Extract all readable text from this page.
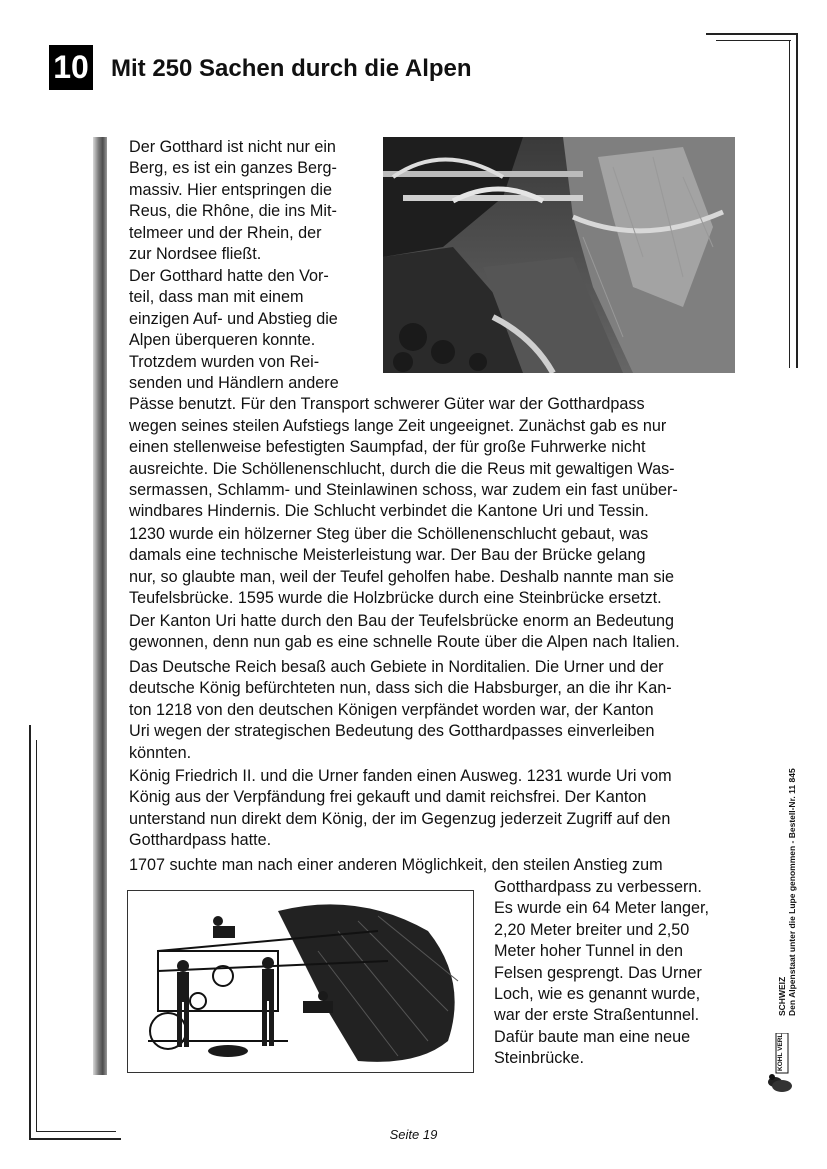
10 Mit 250 Sachen durch die Alpen
Der Gotthard ist nicht nur ein
Berg, es ist ein ganzes Berg-
massiv. Hier entspringen die
Reus, die Rhône, die ins Mit-
telmeer und der Rhein, der
zur Nordsee fließt.
Der Gotthard hatte den Vor-
teil, dass man mit einem
einzigen Auf- und Abstieg die
Alpen überqueren konnte.
Trotzdem wurden von Rei-
senden und Händlern andere
Pässe benutzt. Für den Transport schwerer Güter war der Gotthardpass
wegen seines steilen Aufstiegs lange Zeit ungeeignet. Zunächst gab es nur
einen stellenweise befestigten Saumpfad, der für große Fuhrwerke nicht
ausreichte. Die Schöllenenschlucht, durch die die Reus mit gewaltigen Was-
sermassen, Schlamm- und Steinlawinen schoss, war zudem ein fast unüber-
windbares Hindernis. Die Schlucht verbindet die Kantone Uri und Tessin.
1230 wurde ein hölzerner Steg über die Schöllenenschlucht gebaut, was
damals eine technische Meisterleistung war. Der Bau der Brücke gelang
nur, so glaubte man, weil der Teufel geholfen habe. Deshalb nannte man sie
Teufelsbrücke. 1595 wurde die Holzbrücke durch eine Steinbrücke ersetzt.
Der Kanton Uri hatte durch den Bau der Teufelsbrücke enorm an Bedeutung
gewonnen, denn nun gab es eine schnelle Route über die Alpen nach Italien.
Das Deutsche Reich besaß auch Gebiete in Norditalien. Die Urner und der
deutsche König befürchteten nun, dass sich die Habsburger, an die ihr Kan-
ton 1218 von den deutschen Königen verpfändet worden war, der Kanton
Uri wegen der strategischen Bedeutung des Gotthardpasses einverleiben
könnten.
König Friedrich II. und die Urner fanden einen Ausweg. 1231 wurde Uri vom
König aus der Verpfändung frei gekauft und damit reichsfrei. Der Kanton
unterstand nun direkt dem König, der im Gegenzug jederzeit Zugriff auf den
Gotthardpass hatte.
1707 suchte man nach einer anderen Möglichkeit, den steilen Anstieg zum
Gotthardpass zu verbessern.
Es wurde ein 64 Meter langer,
2,20 Meter breiter und 2,50
Meter hoher Tunnel in den
Felsen gesprengt. Das Urner
Loch, wie es genannt wurde,
war der erste Straßentunnel.
Dafür baute man eine neue
Steinbrücke.
SCHWEIZ Den Alpenstaat unter die Lupe genommen - Bestell-Nr. 11 845
KOHL VERLAG
Seite 19
